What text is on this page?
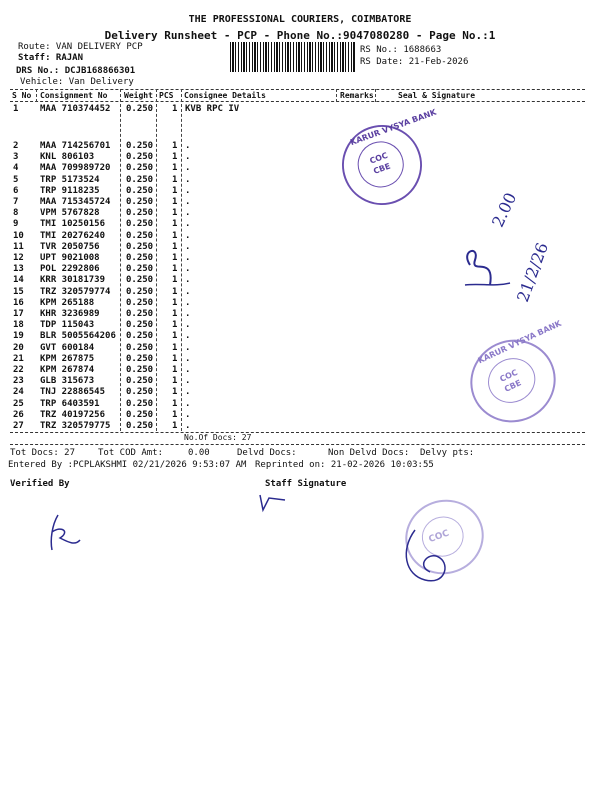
THE PROFESSIONAL COURIERS, COIMBATORE
Delivery Runsheet - PCP - Phone No.:9047080280 - Page No.:1
Route: VAN DELIVERY PCP
Staff: RAJAN
DRS No.: DCJB168866301
Vehicle: Van Delivery
RS No.: 1688663
RS Date: 21-Feb-2026
S No Consignment No Weight PCS Consignee Details	Remarks	Seal & Signature
1 MAA 710374452 0.250 1 KVB RPC IV
2 MAA 714256701 0.250 1 .
3 KNL 806103	0.250 1 .
4 MAA 709989720 0.250 1 .
5 TRP 5173524	0.250 1 .
6 TRP 9118235	0.250 1 .
7 MAA 715345724 0.250 1 .
8 VPM 5767828	0.250 1 .
9 TMI 10250156 0.250 1 .
10 TMI 20276240 0.250 1 .
11 TVR 2050756	0.250 1 .
12 UPT 9021008	0.250 1 .
13 POL 2292806	0.250 1 .
14 KRR 30181739 0.250 1 .
15 TRZ 320579774 0.250 1 .
16 KPM 265188	0.250 1 .
17 KHR 3236989	0.250 1 .
18 TDP 115043	0.250 1 .
19 BLR 5005564206 0.250 1 .
20 GVT 600184	0.250 1 .
21 KPM 267875	0.250 1 .
22 KPM 267874	0.250 1 .
23 GLB 315673	0.250 1 .
24 TNJ 22886545 0.250 1 .
25 TRP 6403591	0.250 1 .
26 TRZ 40197256 0.250 1 .
27 TRZ 320579775 0.250 1 .
No.Of Docs: 27
Tot Docs: 27	Tot COD Amt:	0.00	Delvd Docs:	Non Delvd Docs: Delvy pts:
Entered By :PCPLAKSHMI 02/21/2026 9:53:07 AM Reprinted on: 21-02-2026 10:03:55
Verified By	Staff Signature
KARUR VYSYA BANK
COC
CBE
KARUR VYSYA BANK
COC
CBE
COC
2.00
21/2/26
